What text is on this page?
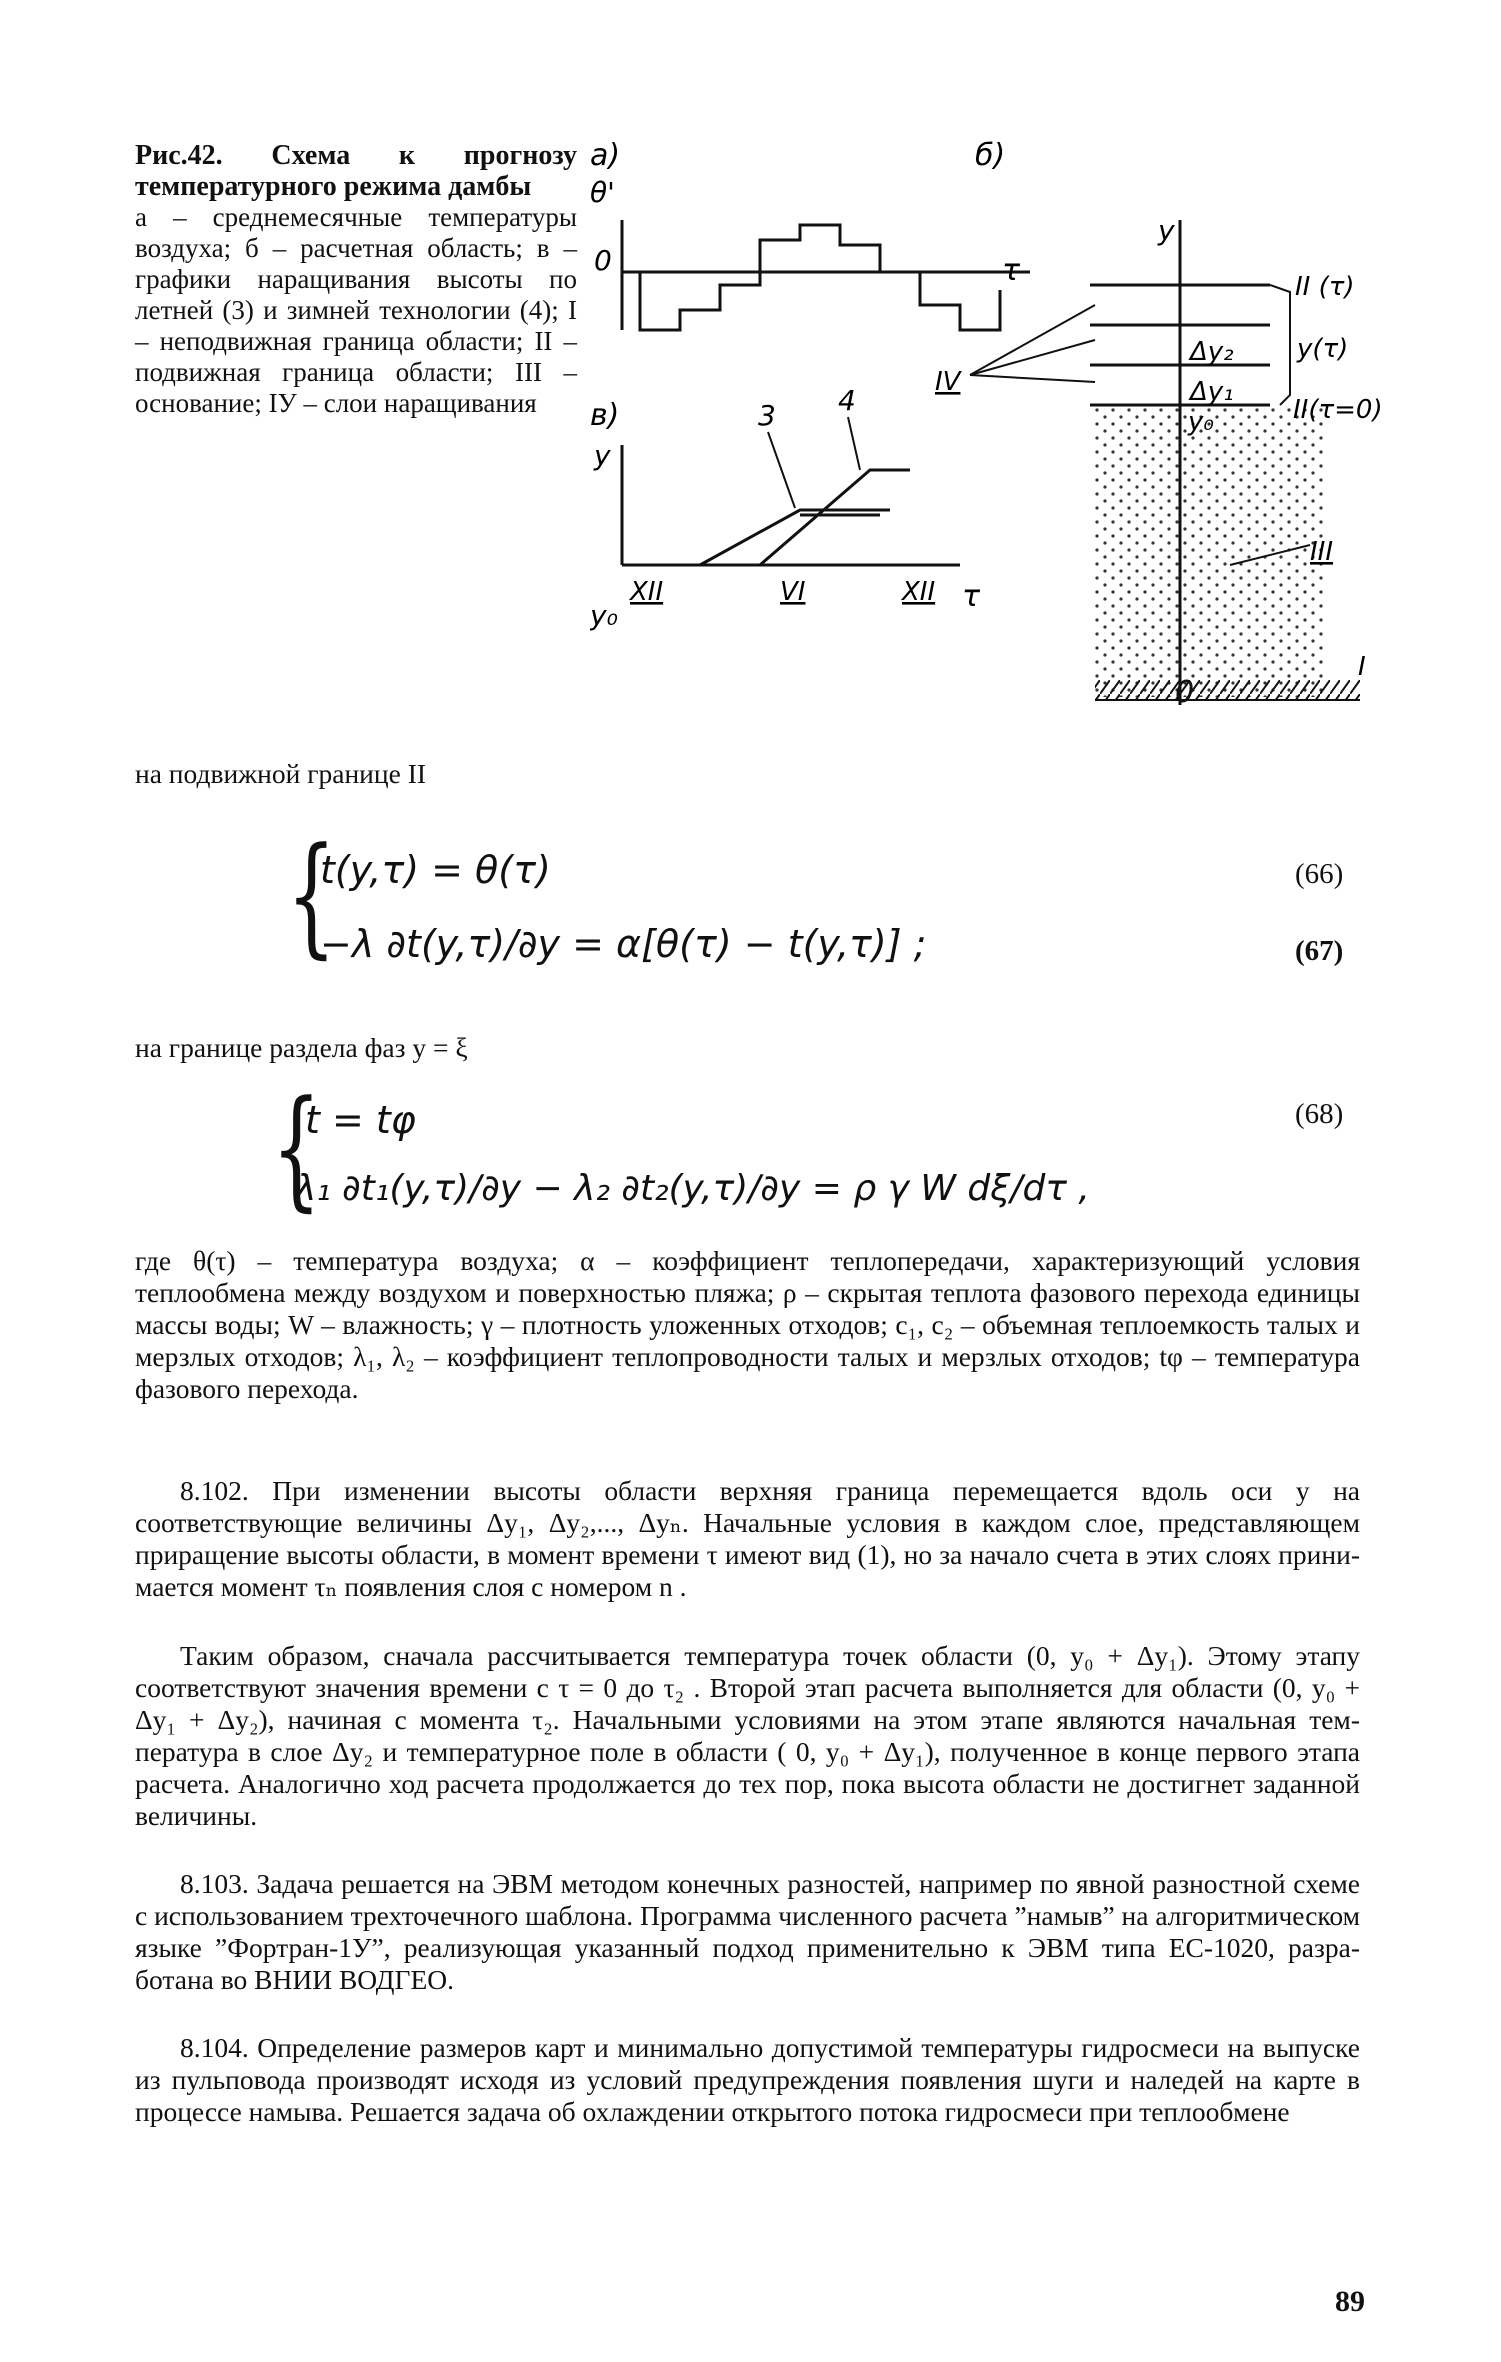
Рис.42. Схема к прогнозу температурного режима дамбы
а – среднемесячные температуры воздуха; б – расчетная область; в – графики наращивания высоты по летней (3) и зимней технологии (4); I – неподвижная граница области; II – подвижная граница области; III – основание; IУ – слои наращивания
а)
θ'
0	τ
в)
y
y₀
XII	VI	XII τ
3 4
б)
y
Δy₂
Δy₁
y₀
II (τ)
y(τ)
II(τ=0)
IV
III
I
0
на подвижной границе II
{
t(y,τ) = θ(τ)	(66)
−λ ∂t(y,τ)/∂y = α[θ(τ) − t(y,τ)] ;	(67)
на границе раздела фаз y = ξ
{
t = tφ	(68)
λ₁ ∂t₁(y,τ)/∂y − λ₂ ∂t₂(y,τ)/∂y = ρ γ W dξ/dτ ,
где θ(τ) – температура воздуха; α – коэффициент теплопередачи, характеризующий условия теплообмена между воздухом и поверхностью пляжа; ρ – скрытая теплота фазового перехода единицы массы воды; W – влажность; γ – плотность уложенных отходов; c₁, c₂ – объемная теплоемкость талых и мерзлых отходов; λ₁, λ₂ – коэффициент теплопроводности талых и мерзлых отходов; tφ – температура фазового перехода.
8.102. При изменении высоты области верхняя граница перемещается вдоль оси y на соответствующие величины Δy₁, Δy₂,..., Δyₙ. Начальные условия в каждом слое, представляющем приращение высоты области, в момент времени τ имеют вид (1), но за начало счета в этих слоях принимается момент τₙ появления слоя с номером n .
Таким образом, сначала рассчитывается температура точек области (0, y₀ + Δy₁). Этому этапу соответствуют значения времени с τ = 0 до τ₂ . Второй этап расчета выполняется для области (0, y₀ + Δy₁ + Δy₂), начиная с момента τ₂. Начальными условиями на этом этапе являются начальная температура в слое Δy₂ и температурное поле в области ( 0, y₀ + Δy₁), полученное в конце первого этапа расчета. Аналогично ход расчета продолжается до тех пор, пока высота области не достигнет заданной величины.
8.103. Задача решается на ЭВМ методом конечных разностей, например по явной разностной схеме с использованием трехточечного шаблона. Программа численного расчета ”намыв” на алгоритмическом языке ”Фортран-1У”, реализующая указанный подход применительно к ЭВМ типа ЕС-1020, разработана во ВНИИ ВОДГЕО.
8.104. Определение размеров карт и минимально допустимой температуры гидросмеси на выпуске из пульповода производят исходя из условий предупреждения появления шуги и наледей на карте в процессе намыва. Решается задача об охлаждении открытого потока гидросмеси при теплообмене
89
